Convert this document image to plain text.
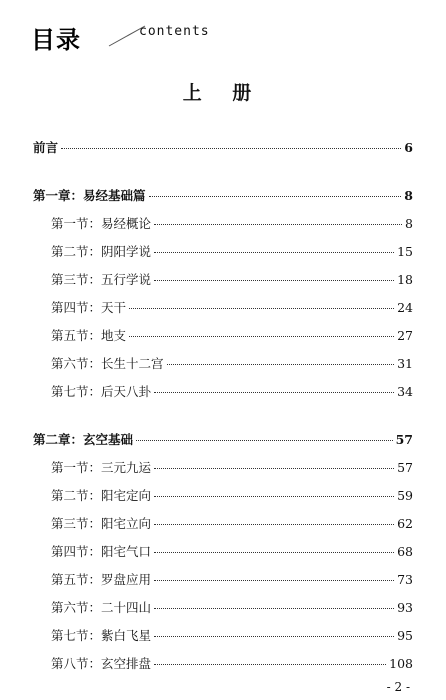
目录	contents
上 册
前言	6
第一章：易经基础篇	8
第一节：易经概论	8
第二节：阴阳学说	15
第三节：五行学说	18
第四节：天干	24
第五节：地支	27
第六节：长生十二宫	31
第七节：后天八卦	34
第二章：玄空基础	57
第一节：三元九运	57
第二节：阳宅定向	59
第三节：阳宅立向	62
第四节：阳宅气口	68
第五节：罗盘应用	73
第六节：二十四山	93
第七节：紫白飞星	95
第八节：玄空排盘	108
- 2 -
